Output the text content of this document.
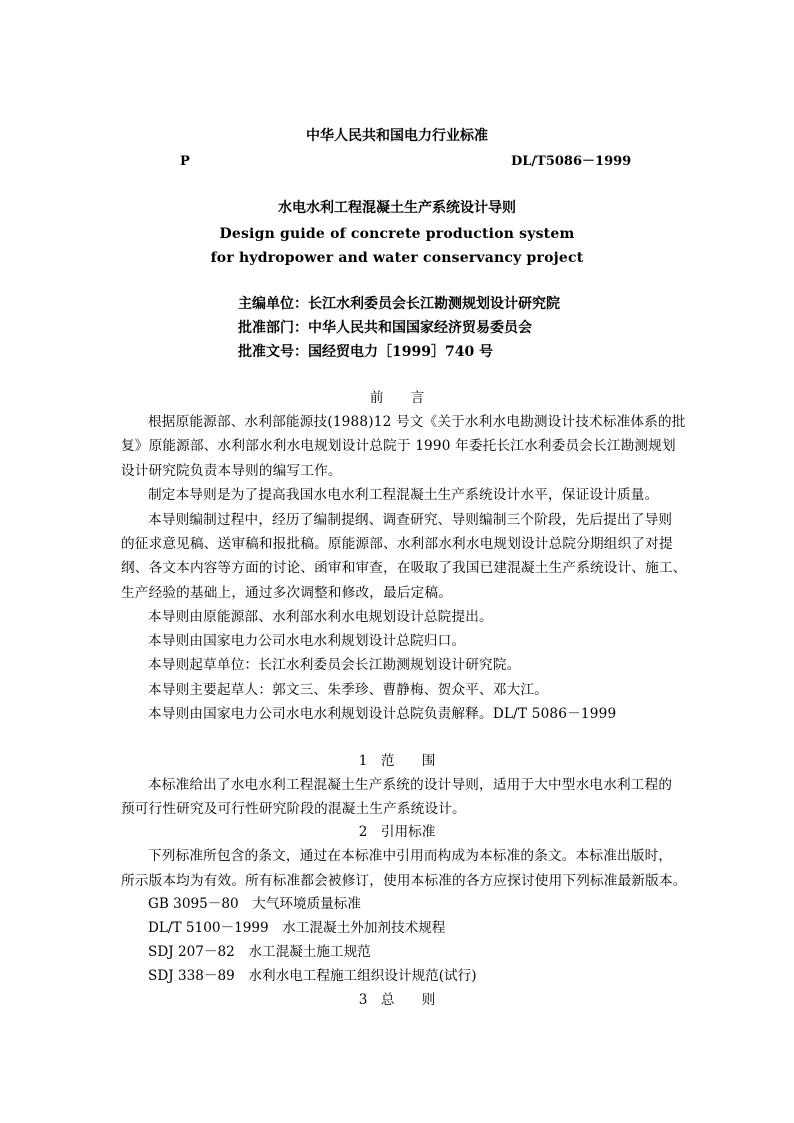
中华人民共和国电力行业标准
P	DL/T5086－1999
水电水利工程混凝土生产系统设计导则
Design guide of concrete production system
for hydropower and water conservancy project
主编单位：长江水利委员会长江勘测规划设计研究院
批准部门：中华人民共和国国家经济贸易委员会
批准文号：国经贸电力［1999］740 号
前　　言
根据原能源部、水利部能源技(1988)12 号文《关于水利水电勘测设计技术标准体系的批
复》原能源部、水利部水利水电规划设计总院于 1990 年委托长江水利委员会长江勘测规划
设计研究院负责本导则的编写工作。
制定本导则是为了提高我国水电水利工程混凝土生产系统设计水平，保证设计质量。
本导则编制过程中，经历了编制提纲、调查研究、导则编制三个阶段，先后提出了导则
的征求意见稿、送审稿和报批稿。原能源部、水利部水利水电规划设计总院分期组织了对提
纲、各文本内容等方面的讨论、函审和审查，在吸取了我国已建混凝土生产系统设计、施工、
生产经验的基础上，通过多次调整和修改，最后定稿。
本导则由原能源部、水利部水利水电规划设计总院提出。
本导则由国家电力公司水电水利规划设计总院归口。
本导则起草单位：长江水利委员会长江勘测规划设计研究院。
本导则主要起草人：郭文三、朱季珍、曹静梅、贺众平、邓大江。
本导则由国家电力公司水电水利规划设计总院负责解释。DL/T 5086－1999
1　范　　围
本标准给出了水电水利工程混凝土生产系统的设计导则，适用于大中型水电水利工程的
预可行性研究及可行性研究阶段的混凝土生产系统设计。
2　引用标准
下列标准所包含的条文，通过在本标准中引用而构成为本标准的条文。本标准出版时，
所示版本均为有效。所有标准都会被修订，使用本标准的各方应探讨使用下列标准最新版本。
GB 3095－80　大气环境质量标准
DL/T 5100－1999　水工混凝土外加剂技术规程
SDJ 207－82　水工混凝土施工规范
SDJ 338－89　水利水电工程施工组织设计规范(试行)
3　总　　则
